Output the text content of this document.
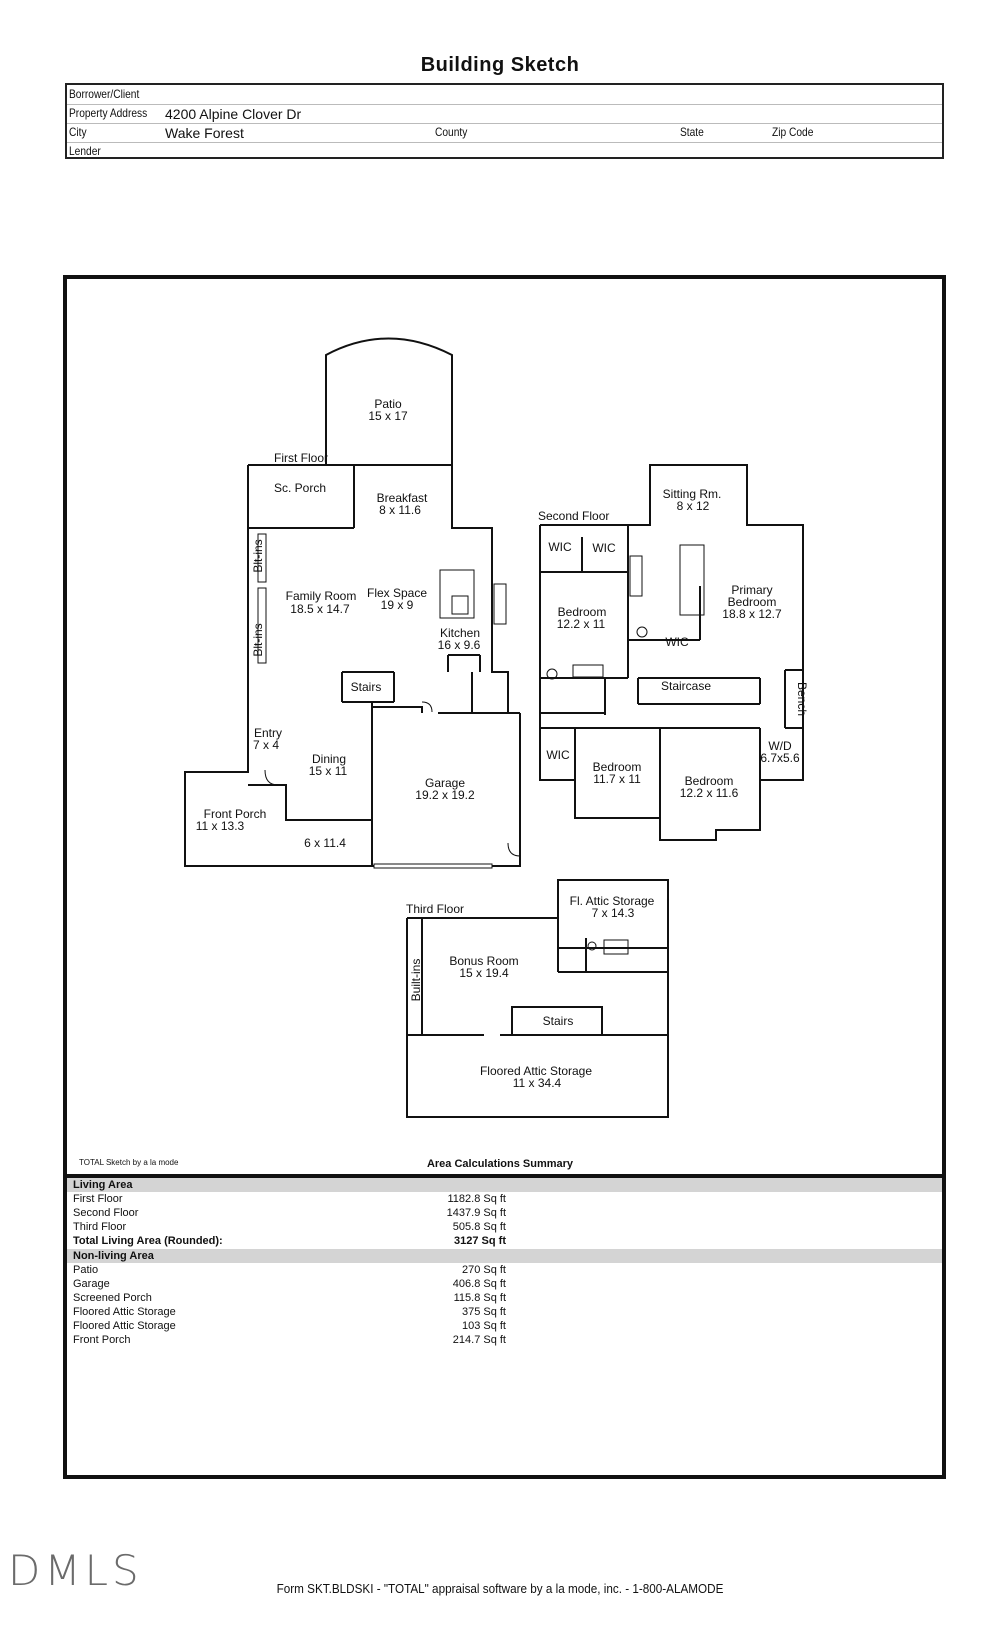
Building Sketch
Borrower/Client
Property Address 4200 Alpine Clover Dr
City	Wake Forest	County	State	Zip Code
Lender
Patio
15 x 17
First Floor
Sc. Porch
Breakfast
8 x 11.6
Family Room
18.5 x 14.7
Flex Space
19 x 9
Kitchen
16 x 9.6
Stairs
Entry
7 x 4
Dining
15 x 11
Garage
19.2 x 19.2
Front Porch
11 x 13.3
6 x 11.4
Blt-ins
Blt-ins
Second Floor
Sitting Rm.
8 x 12
WIC WIC
Bedroom
12.2 x 11
Primary
Bedroom
18.8 x 12.7
WIC
Staircase	Bench
WIC
Bedroom
11.7 x 11	Bedroom
12.2 x 11.6
W/D
6.7x5.6
Third Floor
Fl. Attic Storage
7 x 14.3
Bonus Room
15 x 19.4
Stairs
Floored Attic Storage
11 x 34.4
Built-ins
TOTAL Sketch by a la mode	Area Calculations Summary
Living Area
First Floor	1182.8 Sq ft
Second Floor	1437.9 Sq ft
Third Floor	505.8 Sq ft
Total Living Area (Rounded):	3127 Sq ft
Non-living Area
Patio	270 Sq ft
Garage	406.8 Sq ft
Screened Porch	115.8 Sq ft
Floored Attic Storage	375 Sq ft
Floored Attic Storage	103 Sq ft
Front Porch	214.7 Sq ft
DMLS	Form SKT.BLDSKI - "TOTAL" appraisal software by a la mode, inc. - 1-800-ALAMODE
